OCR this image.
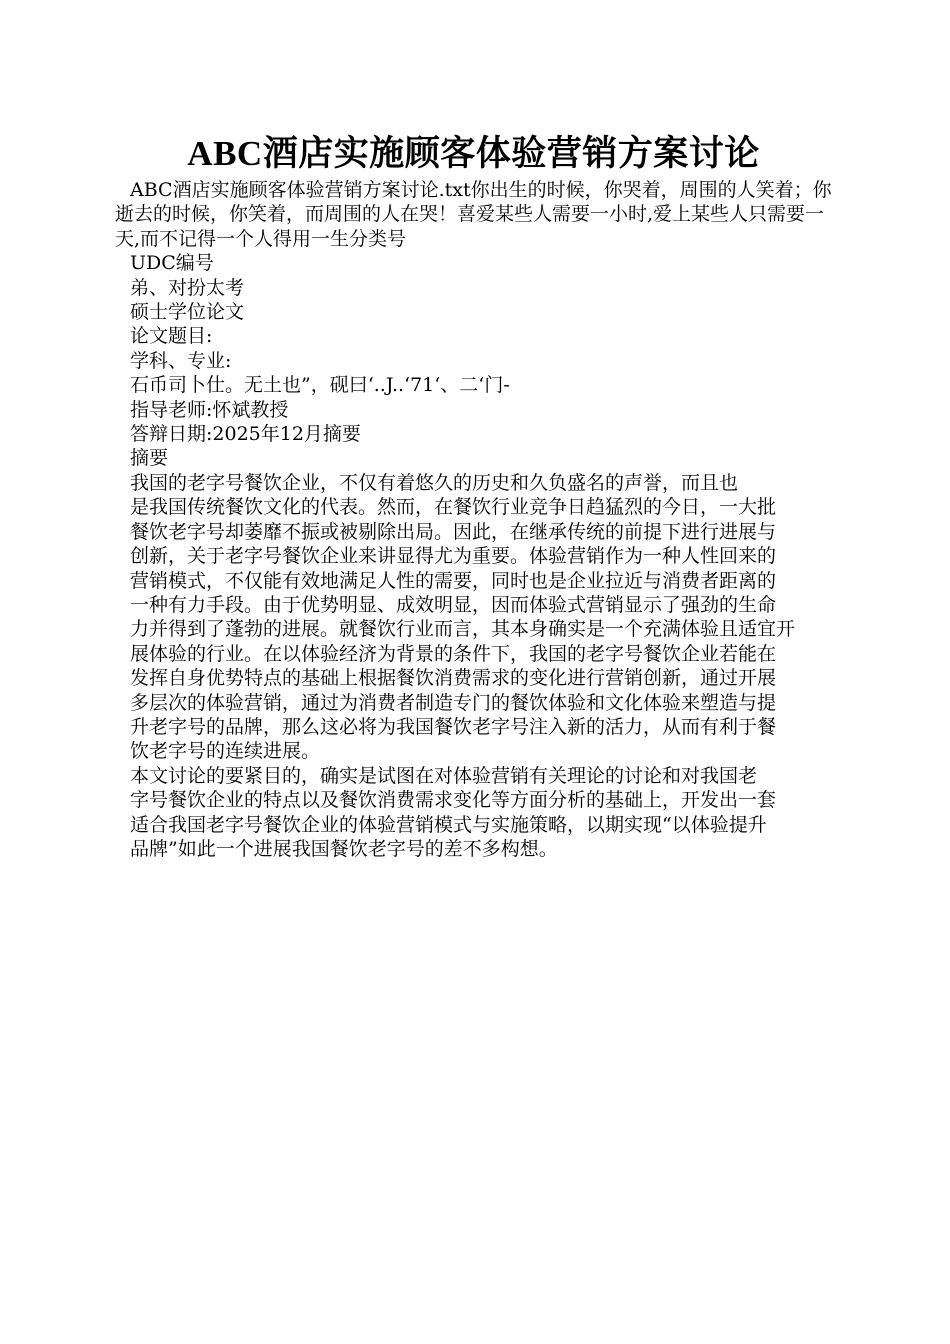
ABC酒店实施顾客体验营销方案讨论

ABC酒店实施顾客体验营销方案讨论.txt你出生的时候，你哭着，周围的人笑着；你逝去的时候，你笑着，而周围的人在哭！喜爱某些人需要一小时,爱上某些人只需要一天,而不记得一个人得用一生分类号

UDC编号

弟、对扮太考

硕士学位论文

论文题目:

学科、专业:

石币司卜仕。无土也”，砚曰‘..J..‘71‘、二‘门-

指导老师:怀斌教授

答辩日期:2025年12月摘要

摘要

我国的老字号餐饮企业，不仅有着悠久的历史和久负盛名的声誉，而且也

是我国传统餐饮文化的代表。然而，在餐饮行业竞争日趋猛烈的今日，一大批

餐饮老字号却萎靡不振或被剔除出局。因此，在继承传统的前提下进行进展与

创新，关于老字号餐饮企业来讲显得尤为重要。体验营销作为一种人性回来的

营销模式，不仅能有效地满足人性的需要，同时也是企业拉近与消费者距离的

一种有力手段。由于优势明显、成效明显，因而体验式营销显示了强劲的生命

力并得到了蓬勃的进展。就餐饮行业而言，其本身确实是一个充满体验且适宜开

展体验的行业。在以体验经济为背景的条件下，我国的老字号餐饮企业若能在

发挥自身优势特点的基础上根据餐饮消费需求的变化进行营销创新，通过开展

多层次的体验营销，通过为消费者制造专门的餐饮体验和文化体验来塑造与提

升老字号的品牌，那么这必将为我国餐饮老字号注入新的活力，从而有利于餐

饮老字号的连续进展。

本文讨论的要紧目的，确实是试图在对体验营销有关理论的讨论和对我国老

字号餐饮企业的特点以及餐饮消费需求变化等方面分析的基础上，开发出一套

适合我国老字号餐饮企业的体验营销模式与实施策略，以期实现“以体验提升

品牌”如此一个进展我国餐饮老字号的差不多构想。
